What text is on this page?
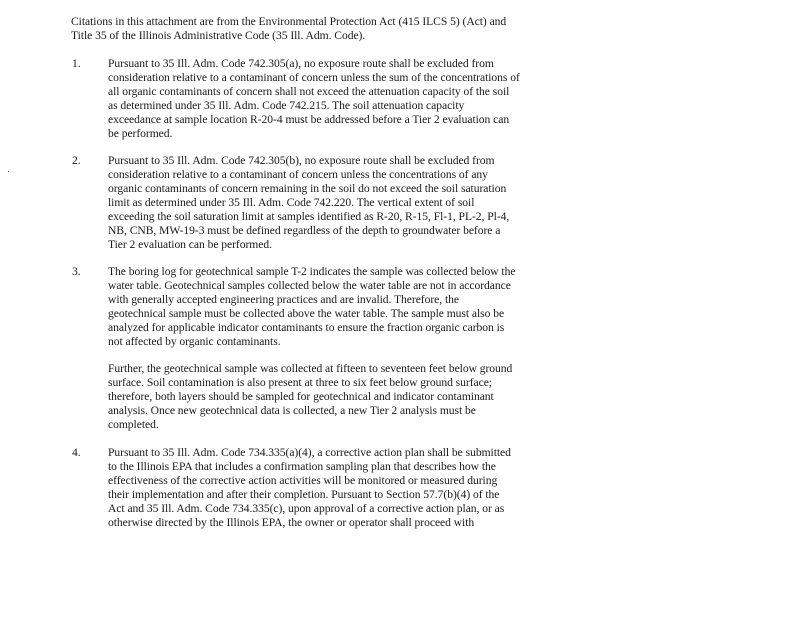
Citations in this attachment are from the Environmental Protection Act (415 ILCS 5) (Act) and
Title 35 of the Illinois Administrative Code (35 Ill. Adm. Code).
1. Pursuant to 35 Ill. Adm. Code 742.305(a), no exposure route shall be excluded from
consideration relative to a contaminant of concern unless the sum of the concentrations of
all organic contaminants of concern shall not exceed the attenuation capacity of the soil
as determined under 35 Ill. Adm. Code 742.215. The soil attenuation capacity
exceedance at sample location R-20-4 must be addressed before a Tier 2 evaluation can
be performed.
2. Pursuant to 35 Ill. Adm. Code 742.305(b), no exposure route shall be excluded from
consideration relative to a contaminant of concern unless the concentrations of any
organic contaminants of concern remaining in the soil do not exceed the soil saturation
limit as determined under 35 Ill. Adm. Code 742.220. The vertical extent of soil
exceeding the soil saturation limit at samples identified as R-20, R-15, Fl-1, PL-2, Pl-4,
NB, CNB, MW-19-3 must be defined regardless of the depth to groundwater before a
Tier 2 evaluation can be performed.
3. The boring log for geotechnical sample T-2 indicates the sample was collected below the
water table. Geotechnical samples collected below the water table are not in accordance
with generally accepted engineering practices and are invalid. Therefore, the
geotechnical sample must be collected above the water table. The sample must also be
analyzed for applicable indicator contaminants to ensure the fraction organic carbon is
not affected by organic contaminants.
Further, the geotechnical sample was collected at fifteen to seventeen feet below ground
surface. Soil contamination is also present at three to six feet below ground surface;
therefore, both layers should be sampled for geotechnical and indicator contaminant
analysis. Once new geotechnical data is collected, a new Tier 2 analysis must be
completed.
4. Pursuant to 35 Ill. Adm. Code 734.335(a)(4), a corrective action plan shall be submitted
to the Illinois EPA that includes a confirmation sampling plan that describes how the
effectiveness of the corrective action activities will be monitored or measured during
their implementation and after their completion. Pursuant to Section 57.7(b)(4) of the
Act and 35 Ill. Adm. Code 734.335(c), upon approval of a corrective action plan, or as
otherwise directed by the Illinois EPA, the owner or operator shall proceed with
